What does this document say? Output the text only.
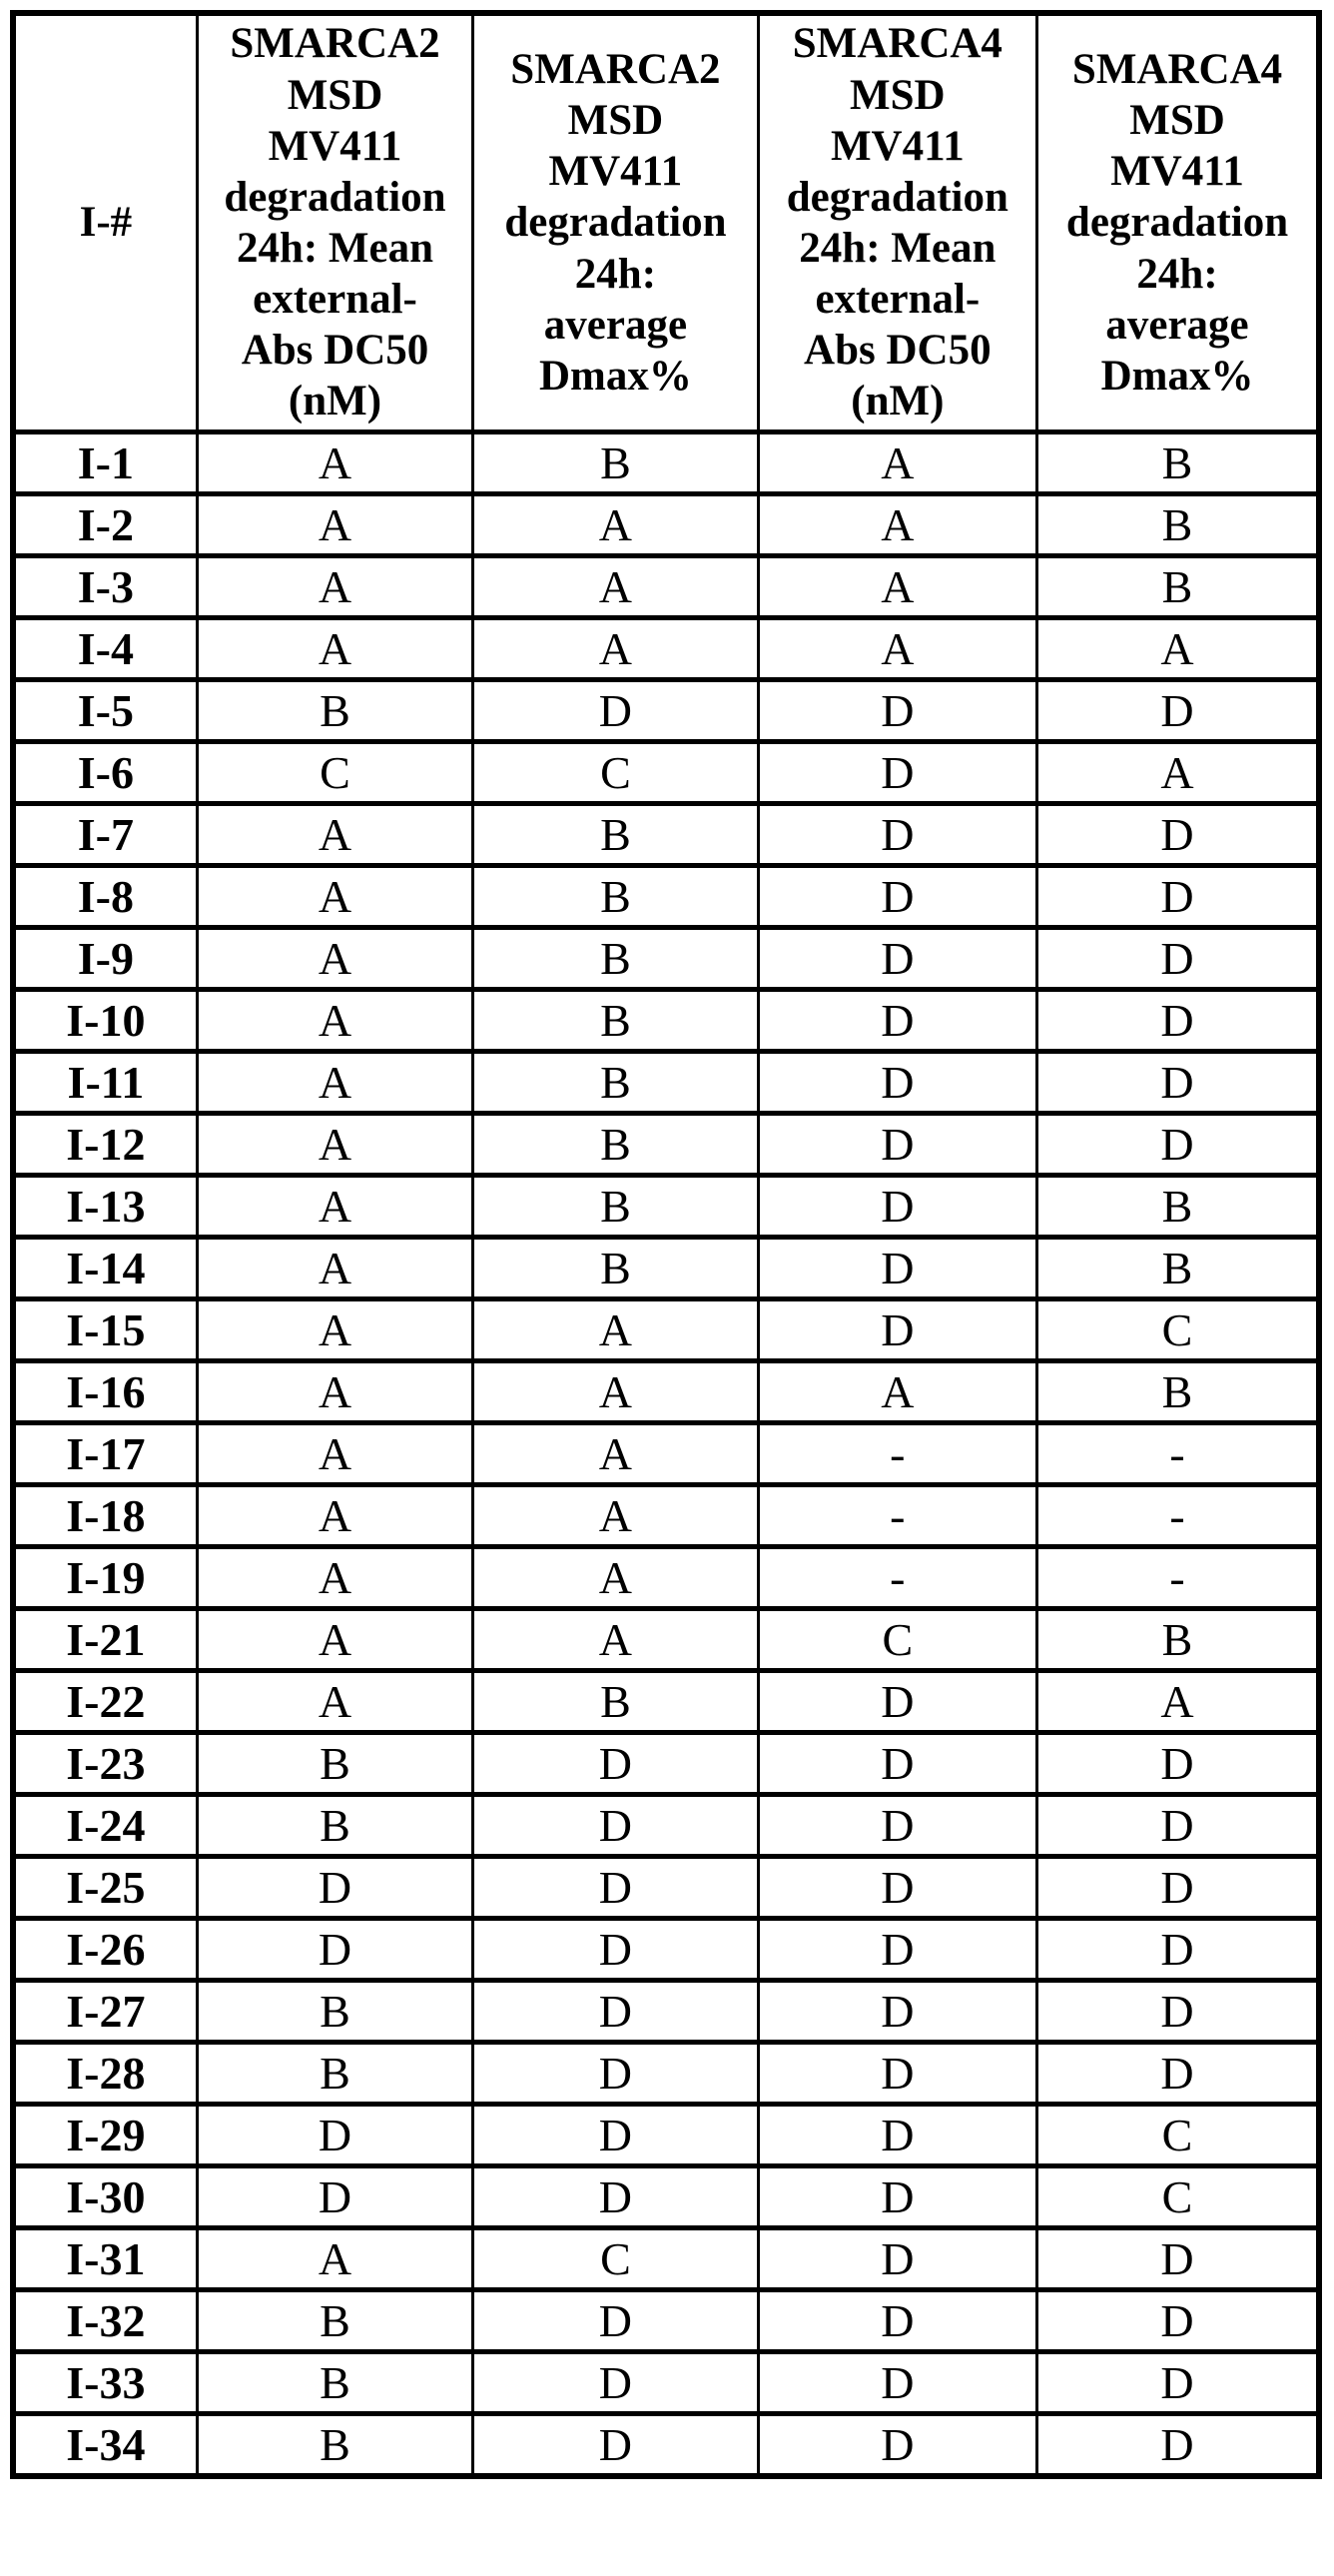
I-#	SMARCA2
MSD
MV411
degradation
24h: Mean
external-
Abs DC50
(nM)	SMARCA2
MSD
MV411
degradation
24h:
average
Dmax%	SMARCA4
MSD
MV411
degradation
24h: Mean
external-
Abs DC50
(nM)	SMARCA4
MSD
MV411
degradation
24h:
average
Dmax%
I-1	A	B	A	B
I-2	A	A	A	B
I-3	A	A	A	B
I-4	A	A	A	A
I-5	B	D	D	D
I-6	C	C	D	A
I-7	A	B	D	D
I-8	A	B	D	D
I-9	A	B	D	D
I-10	A	B	D	D
I-11	A	B	D	D
I-12	A	B	D	D
I-13	A	B	D	B
I-14	A	B	D	B
I-15	A	A	D	C
I-16	A	A	A	B
I-17	A	A	-	-
I-18	A	A	-	-
I-19	A	A	-	-
I-21	A	A	C	B
I-22	A	B	D	A
I-23	B	D	D	D
I-24	B	D	D	D
I-25	D	D	D	D
I-26	D	D	D	D
I-27	B	D	D	D
I-28	B	D	D	D
I-29	D	D	D	C
I-30	D	D	D	C
I-31	A	C	D	D
I-32	B	D	D	D
I-33	B	D	D	D
I-34	B	D	D	D
